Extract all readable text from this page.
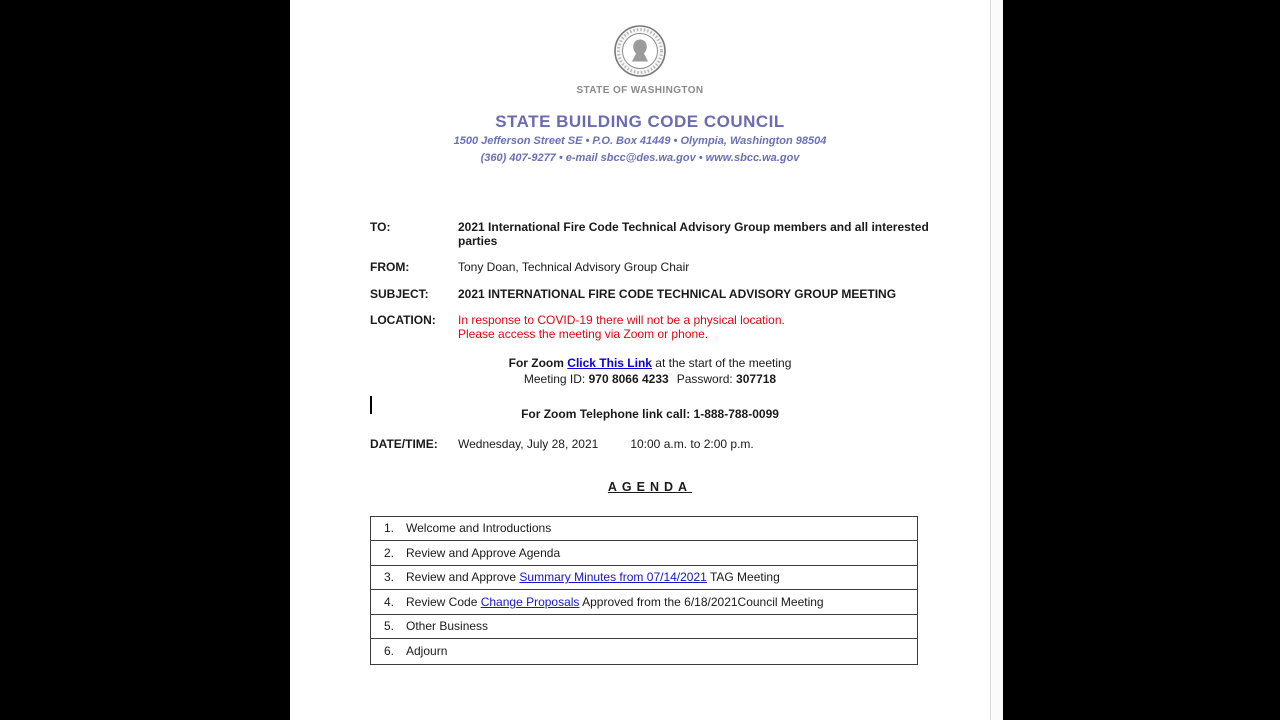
STATE OF WASHINGTON
STATE BUILDING CODE COUNCIL
1500 Jefferson Street SE • P.O. Box 41449 • Olympia, Washington 98504
(360) 407-9277 • e-mail sbcc@des.wa.gov • www.sbcc.wa.gov
TO:	2021 International Fire Code Technical Advisory Group members and all interested parties
FROM:	Tony Doan, Technical Advisory Group Chair
SUBJECT:	2021 INTERNATIONAL FIRE CODE TECHNICAL ADVISORY GROUP MEETING
LOCATION:	In response to COVID-19 there will not be a physical location.
Please access the meeting via Zoom or phone.
For Zoom Click This Link at the start of the meeting
Meeting ID: 970 8066 4233 Password: 307718
For Zoom Telephone link call: 1-888-788-0099
DATE/TIME:	Wednesday, July 28, 2021	10:00 a.m. to 2:00 p.m.
AGENDA
1. Welcome and Introductions
2. Review and Approve Agenda
3. Review and Approve Summary Minutes from 07/14/2021 TAG Meeting
4. Review Code Change Proposals Approved from the 6/18/2021Council Meeting
5. Other Business
6. Adjourn
